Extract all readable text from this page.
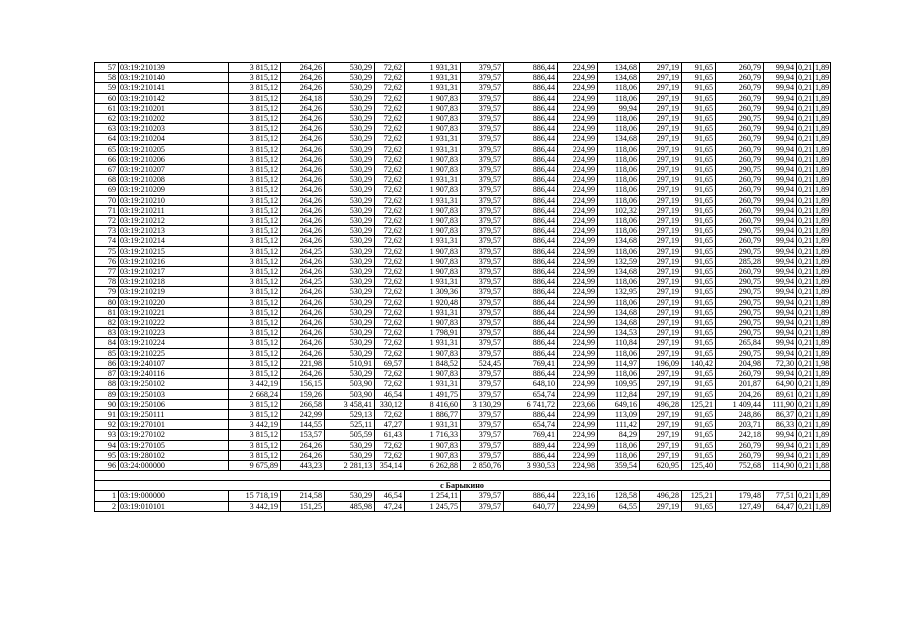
57	03:19:210139	3 815,12	264,26	530,29	72,62	1 931,31	379,57	886,44	224,99	134,68	297,19	91,65	260,79	99,94	0,21	1,89
58	03:19:210140	3 815,12	264,26	530,29	72,62	1 931,31	379,57	886,44	224,99	134,68	297,19	91,65	260,79	99,94	0,21	1,89
59	03:19:210141	3 815,12	264,26	530,29	72,62	1 931,31	379,57	886,44	224,99	118,06	297,19	91,65	260,79	99,94	0,21	1,89
60	03:19:210142	3 815,12	264,18	530,29	72,62	1 907,83	379,57	886,44	224,99	118,06	297,19	91,65	260,79	99,94	0,21	1,89
61	03:19:210201	3 815,12	264,26	530,29	72,62	1 907,83	379,57	886,44	224,99	99,94	297,19	91,65	260,79	99,94	0,21	1,89
62	03:19:210202	3 815,12	264,26	530,29	72,62	1 907,83	379,57	886,44	224,99	118,06	297,19	91,65	290,75	99,94	0,21	1,89
63	03:19:210203	3 815,12	264,26	530,29	72,62	1 907,83	379,57	886,44	224,99	118,06	297,19	91,65	260,79	99,94	0,21	1,89
64	03:19:210204	3 815,12	264,26	530,29	72,62	1 931,31	379,57	886,44	224,99	134,68	297,19	91,65	260,79	99,94	0,21	1,89
65	03:19:210205	3 815,12	264,26	530,29	72,62	1 931,31	379,57	886,44	224,99	118,06	297,19	91,65	260,79	99,94	0,21	1,89
66	03:19:210206	3 815,12	264,26	530,29	72,62	1 907,83	379,57	886,44	224,99	118,06	297,19	91,65	260,79	99,94	0,21	1,89
67	03:19:210207	3 815,12	264,26	530,29	72,62	1 907,83	379,57	886,44	224,99	118,06	297,19	91,65	290,75	99,94	0,21	1,89
68	03:19:210208	3 815,12	264,26	530,29	72,62	1 931,31	379,57	886,44	224,99	118,06	297,19	91,65	260,79	99,94	0,21	1,89
69	03:19:210209	3 815,12	264,26	530,29	72,62	1 907,83	379,57	886,44	224,99	118,06	297,19	91,65	260,79	99,94	0,21	1,89
70	03:19:210210	3 815,12	264,26	530,29	72,62	1 931,31	379,57	886,44	224,99	118,06	297,19	91,65	260,79	99,94	0,21	1,89
71	03:19:210211	3 815,12	264,26	530,29	72,62	1 907,83	379,57	886,44	224,99	102,32	297,19	91,65	260,79	99,94	0,21	1,89
72	03:19:210212	3 815,12	264,26	530,29	72,62	1 907,83	379,57	886,44	224,99	118,06	297,19	91,65	260,79	99,94	0,21	1,89
73	03:19:210213	3 815,12	264,26	530,29	72,62	1 907,83	379,57	886,44	224,99	118,06	297,19	91,65	290,75	99,94	0,21	1,89
74	03:19:210214	3 815,12	264,26	530,29	72,62	1 931,31	379,57	886,44	224,99	134,68	297,19	91,65	260,79	99,94	0,21	1,89
75	03:19:210215	3 815,12	264,25	530,29	72,62	1 907,83	379,57	886,44	224,99	118,06	297,19	91,65	290,75	99,94	0,21	1,89
76	03:19:210216	3 815,12	264,26	530,29	72,62	1 907,83	379,57	886,44	224,99	132,59	297,19	91,65	285,28	99,94	0,21	1,89
77	03:19:210217	3 815,12	264,26	530,29	72,62	1 907,83	379,57	886,44	224,99	134,68	297,19	91,65	260,79	99,94	0,21	1,89
78	03:19:210218	3 815,12	264,25	530,29	72,62	1 931,31	379,57	886,44	224,99	118,06	297,19	91,65	290,75	99,94	0,21	1,89
79	03:19:210219	3 815,12	264,26	530,29	72,62	1 309,36	379,57	886,44	224,99	132,95	297,19	91,65	290,75	99,94	0,21	1,89
80	03:19:210220	3 815,12	264,26	530,29	72,62	1 920,48	379,57	886,44	224,99	118,06	297,19	91,65	290,75	99,94	0,21	1,89
81	03:19:210221	3 815,12	264,26	530,29	72,62	1 931,31	379,57	886,44	224,99	134,68	297,19	91,65	290,75	99,94	0,21	1,89
82	03:19:210222	3 815,12	264,26	530,29	72,62	1 907,83	379,57	886,44	224,99	134,68	297,19	91,65	290,75	99,94	0,21	1,89
83	03:19:210223	3 815,12	264,26	530,29	72,62	1 798,91	379,57	886,44	224,99	134,53	297,19	91,65	290,75	99,94	0,21	1,89
84	03:19:210224	3 815,12	264,26	530,29	72,62	1 931,31	379,57	886,44	224,99	110,84	297,19	91,65	265,84	99,94	0,21	1,89
85	03:19:210225	3 815,12	264,26	530,29	72,62	1 907,83	379,57	886,44	224,99	118,06	297,19	91,65	290,75	99,94	0,21	1,89
86	03:19:240107	3 815,12	221,98	510,91	69,57	1 848,52	524,45	769,41	224,99	114,97	196,09	140,42	204,98	72,30	0,21	1,98
87	03:19:240116	3 815,12	264,26	530,29	72,62	1 907,83	379,57	886,44	224,99	118,06	297,19	91,65	260,79	99,94	0,21	1,89
88	03:19:250102	3 442,19	156,15	503,90	72,62	1 931,31	379,57	648,10	224,99	109,95	297,19	91,65	201,87	64,90	0,21	1,89
89	03:19:250103	2 668,24	159,26	503,90	46,54	1 491,75	379,57	654,74	224,99	112,84	297,19	91,65	204,26	89,61	0,21	1,89
90	03:19:250106	3 815,12	266,58	3 458,41	330,12	8 416,60	3 130,29	6 741,72	223,66	649,16	496,28	125,21	1 409,44	111,90	0,21	1,89
91	03:19:250111	3 815,12	242,99	529,13	72,62	1 886,77	379,57	886,44	224,99	113,09	297,19	91,65	248,86	86,37	0,21	1,89
92	03:19:270101	3 442,19	144,55	525,11	47,27	1 931,31	379,57	654,74	224,99	111,42	297,19	91,65	203,71	86,33	0,21	1,89
93	03:19:270102	3 815,12	153,57	505,59	61,43	1 716,33	379,57	769,41	224,99	84,29	297,19	91,65	242,18	99,94	0,21	1,89
94	03:19:270105	3 815,12	264,26	530,29	72,62	1 907,83	379,57	889,44	224,99	118,06	297,19	91,65	260,79	99,94	0,21	1,89
95	03:19:280102	3 815,12	264,26	530,29	72,62	1 907,83	379,57	886,44	224,99	118,06	297,19	91,65	260,79	99,94	0,21	1,89
96	03:24:000000	9 675,89	443,23	2 281,13	354,14	6 262,88	2 850,76	3 930,53	224,98	359,54	620,95	125,40	752,68	114,90	0,21	1,88

с Барыкино																
1	03:19:000000	15 718,19	214,58	530,29	46,54	1 254,11	379,57	886,44	223,16	128,58	496,28	125,21	179,48	77,51	0,21	1,89
2	03:19:010101	3 442,19	151,25	485,98	47,24	1 245,75	379,57	640,77	224,99	64,55	297,19	91,65	127,49	64,47	0,21	1,89
